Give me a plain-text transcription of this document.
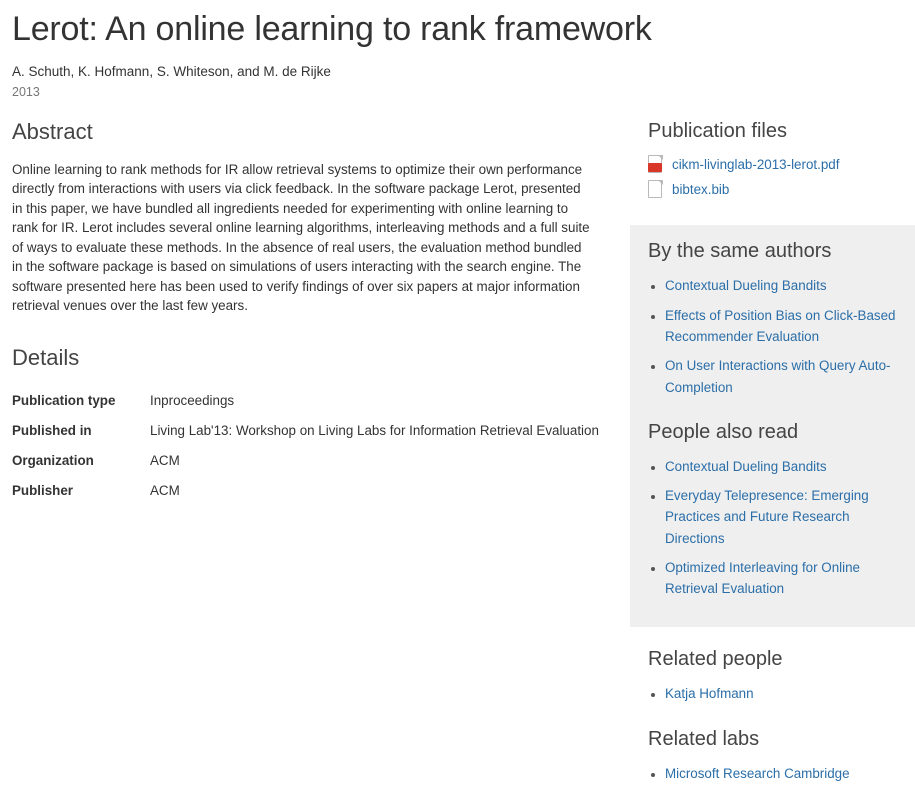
Lerot: An online learning to rank framework

A. Schuth, K. Hofmann, S. Whiteson, and M. de Rijke

2013

Abstract

Online learning to rank methods for IR allow retrieval systems to optimize their own performance directly from interactions with users via click feedback. In the software package Lerot, presented in this paper, we have bundled all ingredients needed for experimenting with online learning to rank for IR. Lerot includes several online learning algorithms, interleaving methods and a full suite of ways to evaluate these methods. In the absence of real users, the evaluation method bundled in the software package is based on simulations of users interacting with the search engine. The software presented here has been used to verify findings of over six papers at major information retrieval venues over the last few years.

Details
Publication type	Inproceedings
Published in	Living Lab'13: Workshop on Living Labs for Information Retrieval Evaluation
Organization	ACM
Publisher	ACM
Publication files
cikm-livinglab-2013-lerot.pdf
bibtex.bib
By the same authors
• Contextual Dueling Bandits
• Effects of Position Bias on Click-Based Recommender Evaluation
• On User Interactions with Query Auto-Completion
People also read
• Contextual Dueling Bandits
• Everyday Telepresence: Emerging Practices and Future Research Directions
• Optimized Interleaving for Online Retrieval Evaluation
Related people
• Katja Hofmann
Related labs
• Microsoft Research Cambridge
